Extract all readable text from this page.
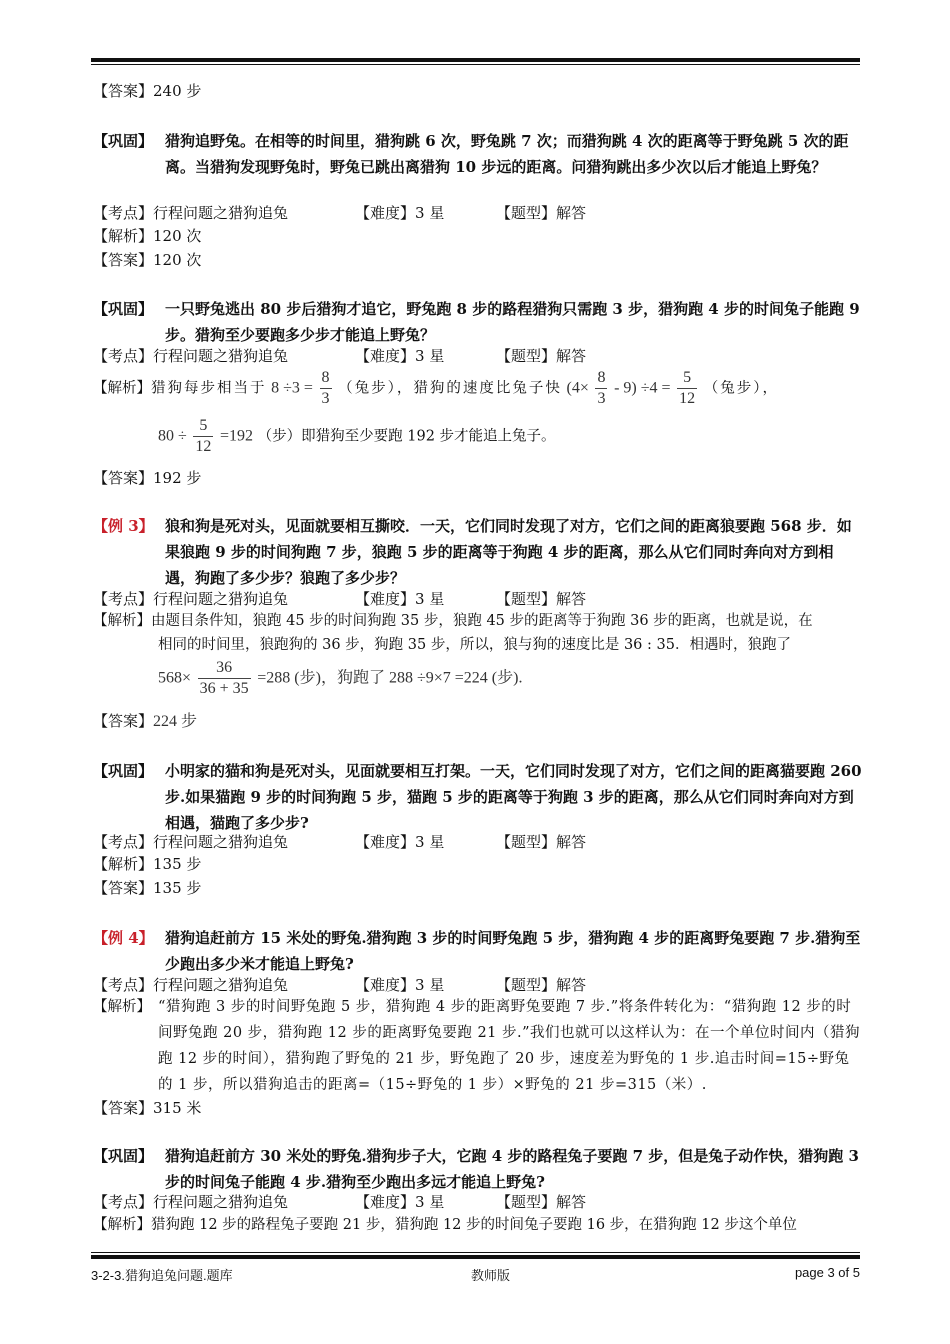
【答案】240 步
【巩固】 猎狗追野兔。在相等的时间里，猎狗跳 6 次，野兔跳 7 次；而猎狗跳 4 次的距离等于野兔跳 5 次的距离。当猎狗发现野兔时，野兔已跳出离猎狗 10 步远的距离。问猎狗跳出多少次以后才能追上野兔？
【考点】行程问题之猎狗追兔	【难度】3 星	【题型】解答
【解析】120 次
【答案】120 次
【巩固】 一只野兔逃出 80 步后猎狗才追它，野兔跑 8 步的路程猎狗只需跑 3 步，猎狗跑 4 步的时间兔子能跑 9 步。猎狗至少要跑多少步才能追上野兔？
【考点】行程问题之猎狗追兔	【难度】3 星	【题型】解答
【解析】猎狗每步相当于 $8 \div 3 = \frac{8}{3}$ （兔步），猎狗的速度比兔子快 $(4\times \frac{8}{3} - 9) \div 4 = \frac{5}{12}$ （兔步），
$80 \div \frac{5}{12} =192$ （步）即猎狗至少要跑 192 步才能追上兔子。
【答案】192 步
【例 3】 狼和狗是死对头，见面就要相互撕咬．一天，它们同时发现了对方，它们之间的距离狼要跑 568 步．如果狼跑 9 步的时间狗跑 7 步，狼跑 5 步的距离等于狗跑 4 步的距离，那么从它们同时奔向对方到相遇，狗跑了多少步？狼跑了多少步？
【考点】行程问题之猎狗追兔	【难度】3 星	【题型】解答
【解析】由题目条件知，狼跑 45 步的时间狗跑 35 步，狼跑 45 步的距离等于狗跑 36 步的距离，也就是说，在
相同的时间里，狼跑狗的 36 步，狗跑 35 步，所以，狼与狗的速度比是 36 : 35．相遇时，狼跑了
$568\times \frac{36}{36 + 35} =288$ (步)，狗跑了 288 ÷9×7 =224 (步).
【答案】224 步
【巩固】 小明家的猫和狗是死对头，见面就要相互打架。一天，它们同时发现了对方，它们之间的距离猫要跑 260 步.如果猫跑 9 步的时间狗跑 5 步，猫跑 5 步的距离等于狗跑 3 步的距离，那么从它们同时奔向对方到相遇，猫跑了多少步?
【考点】行程问题之猎狗追兔	【难度】3 星	【题型】解答
【解析】135 步
【答案】135 步
【例 4】 猎狗追赶前方 15 米处的野兔.猎狗跑 3 步的时间野兔跑 5 步，猎狗跑 4 步的距离野兔要跑 7 步.猎狗至少跑出多少米才能追上野兔?
【考点】行程问题之猎狗追兔	【难度】3 星	【题型】解答
【解析】 “猎狗跑 3 步的时间野兔跑 5 步，猎狗跑 4 步的距离野兔要跑 7 步.”将条件转化为：“猎狗跑 12 步的时间野兔跑 20 步，猎狗跑 12 步的距离野兔要跑 21 步.”我们也就可以这样认为：在一个单位时间内（猎狗跑 12 步的时间），猎狗跑了野兔的 21 步，野兔跑了 20 步，速度差为野兔的 1 步.追击时间=15÷野兔的 1 步，所以猎狗追击的距离=（15÷野兔的 1 步）×野兔的 21 步=315（米）.
【答案】315 米
【巩固】 猎狗追赶前方 30 米处的野兔.猎狗步子大，它跑 4 步的路程兔子要跑 7 步，但是兔子动作快，猎狗跑 3 步的时间兔子能跑 4 步.猎狗至少跑出多远才能追上野兔?
【考点】行程问题之猎狗追兔	【难度】3 星	【题型】解答
【解析】猎狗跑 12 步的路程兔子要跑 21 步，猎狗跑 12 步的时间兔子要跑 16 步，在猎狗跑 12 步这个单位
3-2-3.猎狗追兔问题.题库	教师版	page 3 of 5
